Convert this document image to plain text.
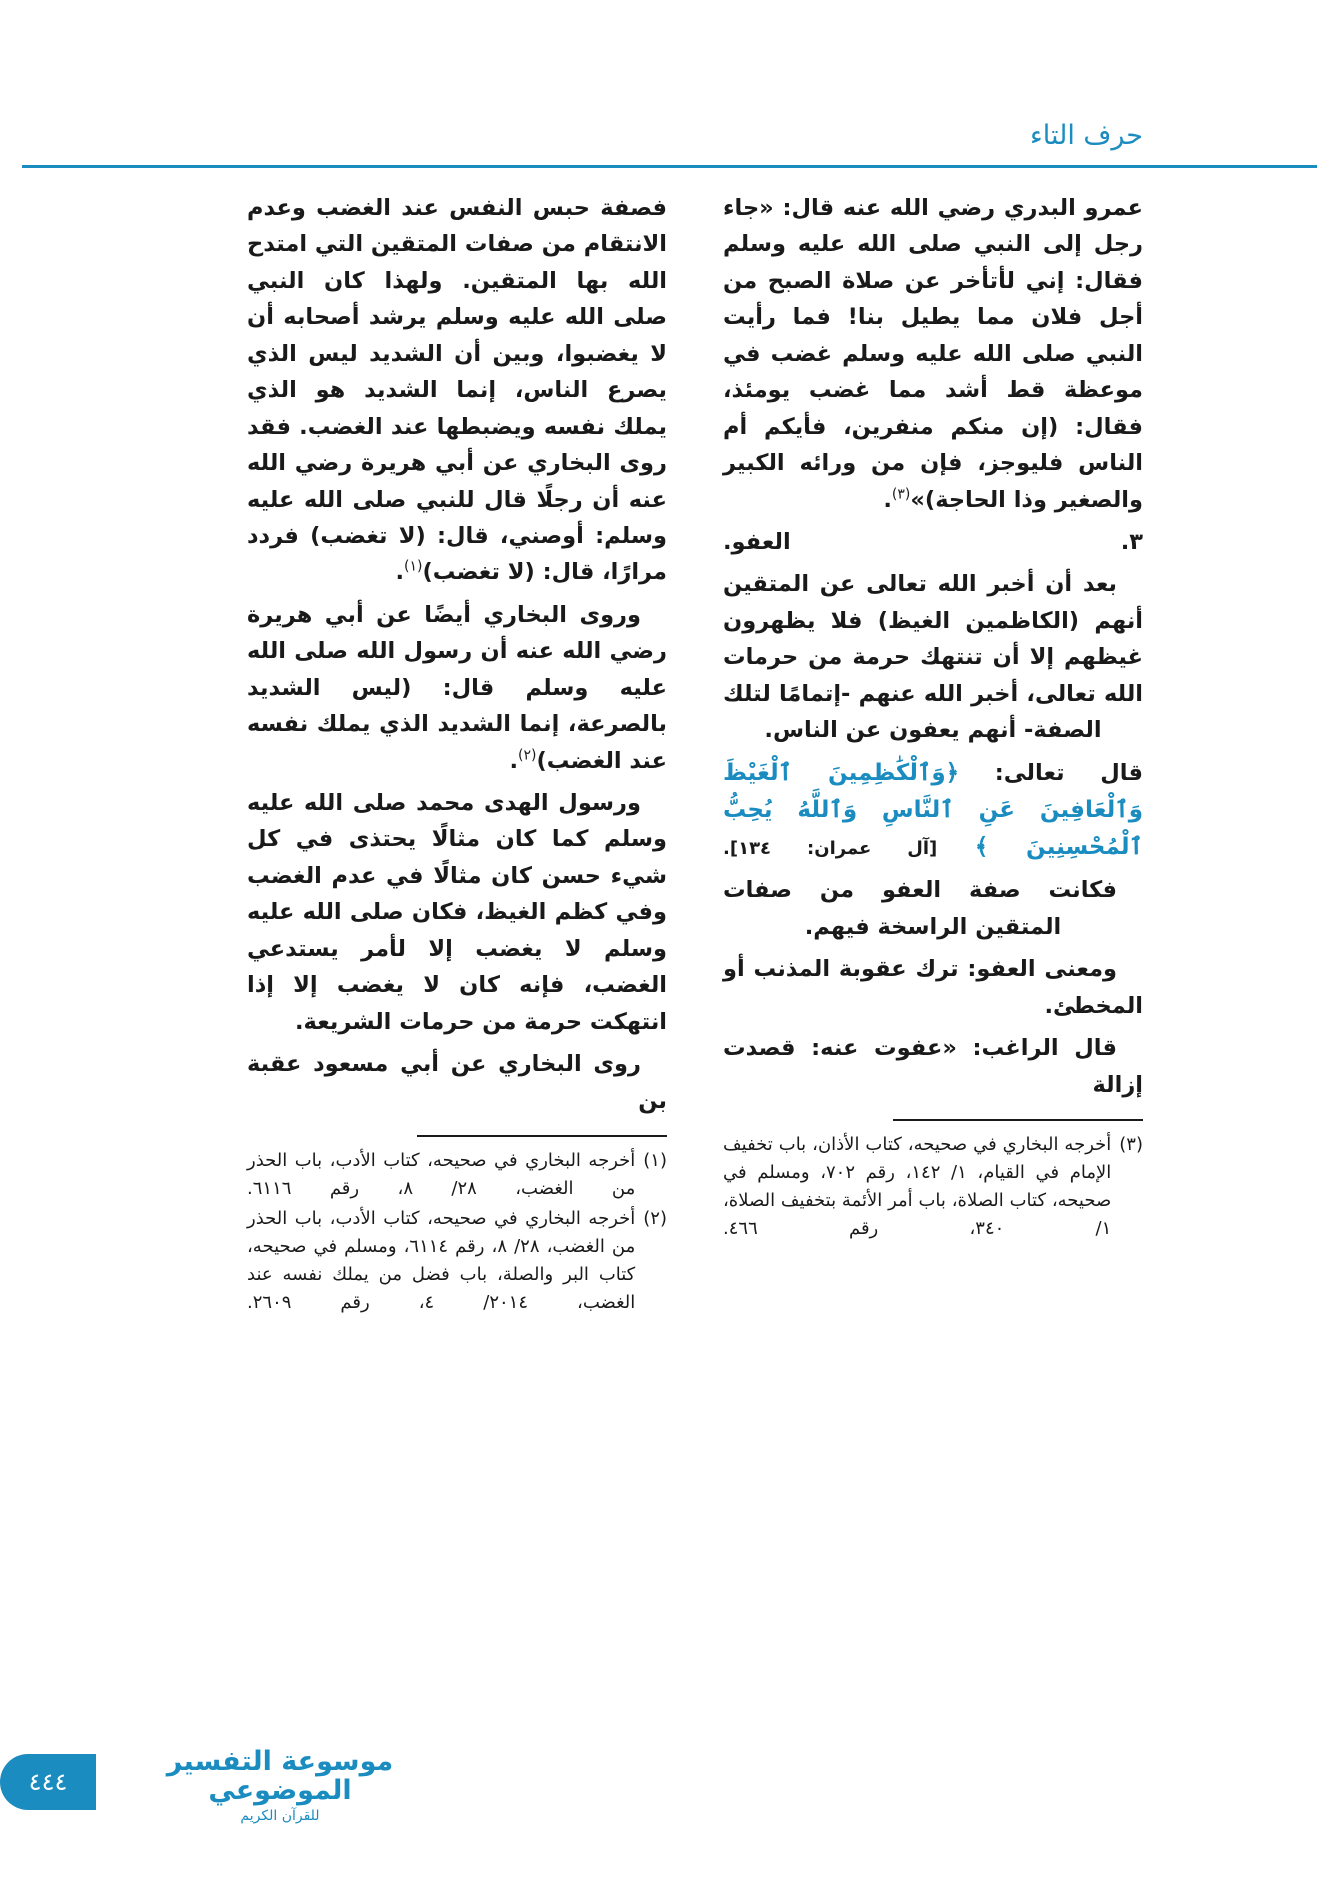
حرف التاء

عمرو البدري رضي الله عنه قال: «جاء رجل إلى النبي صلى الله عليه وسلم فقال: إني لأتأخر عن صلاة الصبح من أجل فلان مما يطيل بنا! فما رأيت النبي صلى الله عليه وسلم غضب في موعظة قط أشد مما غضب يومئذ، فقال: (إن منكم منفرين، فأيكم أم الناس فليوجز، فإن من ورائه الكبير والصغير وذا الحاجة)»$^{(٣)}$.

٣. العفو.

بعد أن أخبر الله تعالى عن المتقين أنهم (الكاظمين الغيظ) فلا يظهرون غيظهم إلا أن تنتهك حرمة من حرمات الله تعالى، أخبر الله عنهم -إتمامًا لتلك الصفة- أنهم يعفون عن الناس.

قال تعالى: ﴿وَٱلْكَٰظِمِينَ ٱلْغَيْظَ وَٱلْعَافِينَ عَنِ ٱلنَّاسِ وَٱللَّهُ يُحِبُّ ٱلْمُحْسِنِينَ ﴾ [آل عمران: ١٣٤].

فكانت صفة العفو من صفات المتقين الراسخة فيهم.

ومعنى العفو: ترك عقوبة المذنب أو المخطئ.

قال الراغب: «عفوت عنه: قصدت إزالة

(٣)
أخرجه البخاري في صحيحه، كتاب الأذان، باب تخفيف الإمام في القيام، ١/ ١٤٢، رقم ٧٠٢، ومسلم في صحيحه، كتاب الصلاة، باب أمر الأئمة بتخفيف الصلاة، ١/ ٣٤٠، رقم ٤٦٦.

فصفة حبس النفس عند الغضب وعدم الانتقام من صفات المتقين التي امتدح الله بها المتقين. ولهذا كان النبي صلى الله عليه وسلم يرشد أصحابه أن لا يغضبوا، وبين أن الشديد ليس الذي يصرع الناس، إنما الشديد هو الذي يملك نفسه ويضبطها عند الغضب. فقد روى البخاري عن أبي هريرة رضي الله عنه أن رجلًا قال للنبي صلى الله عليه وسلم: أوصني، قال: (لا تغضب) فردد مرارًا، قال: (لا تغضب)$^{(١)}$.

وروى البخاري أيضًا عن أبي هريرة رضي الله عنه أن رسول الله صلى الله عليه وسلم قال: (ليس الشديد بالصرعة، إنما الشديد الذي يملك نفسه عند الغضب)$^{(٢)}$.

ورسول الهدى محمد صلى الله عليه وسلم كما كان مثالًا يحتذى في كل شيء حسن كان مثالًا في عدم الغضب وفي كظم الغيظ، فكان صلى الله عليه وسلم لا يغضب إلا لأمر يستدعي الغضب، فإنه كان لا يغضب إلا إذا انتهكت حرمة من حرمات الشريعة.

روى البخاري عن أبي مسعود عقبة بن

(١)
أخرجه البخاري في صحيحه، كتاب الأدب، باب الحذر من الغضب، ٢٨/ ٨، رقم ٦١١٦.
(٢)
أخرجه البخاري في صحيحه، كتاب الأدب، باب الحذر من الغضب، ٢٨/ ٨، رقم ٦١١٤، ومسلم في صحيحه، كتاب البر والصلة، باب فضل من يملك نفسه عند الغضب، ٢٠١٤/ ٤، رقم ٢٦٠٩.
موسوعة التفسير الموضوعي
للقرآن الكريم
٤٤٤
